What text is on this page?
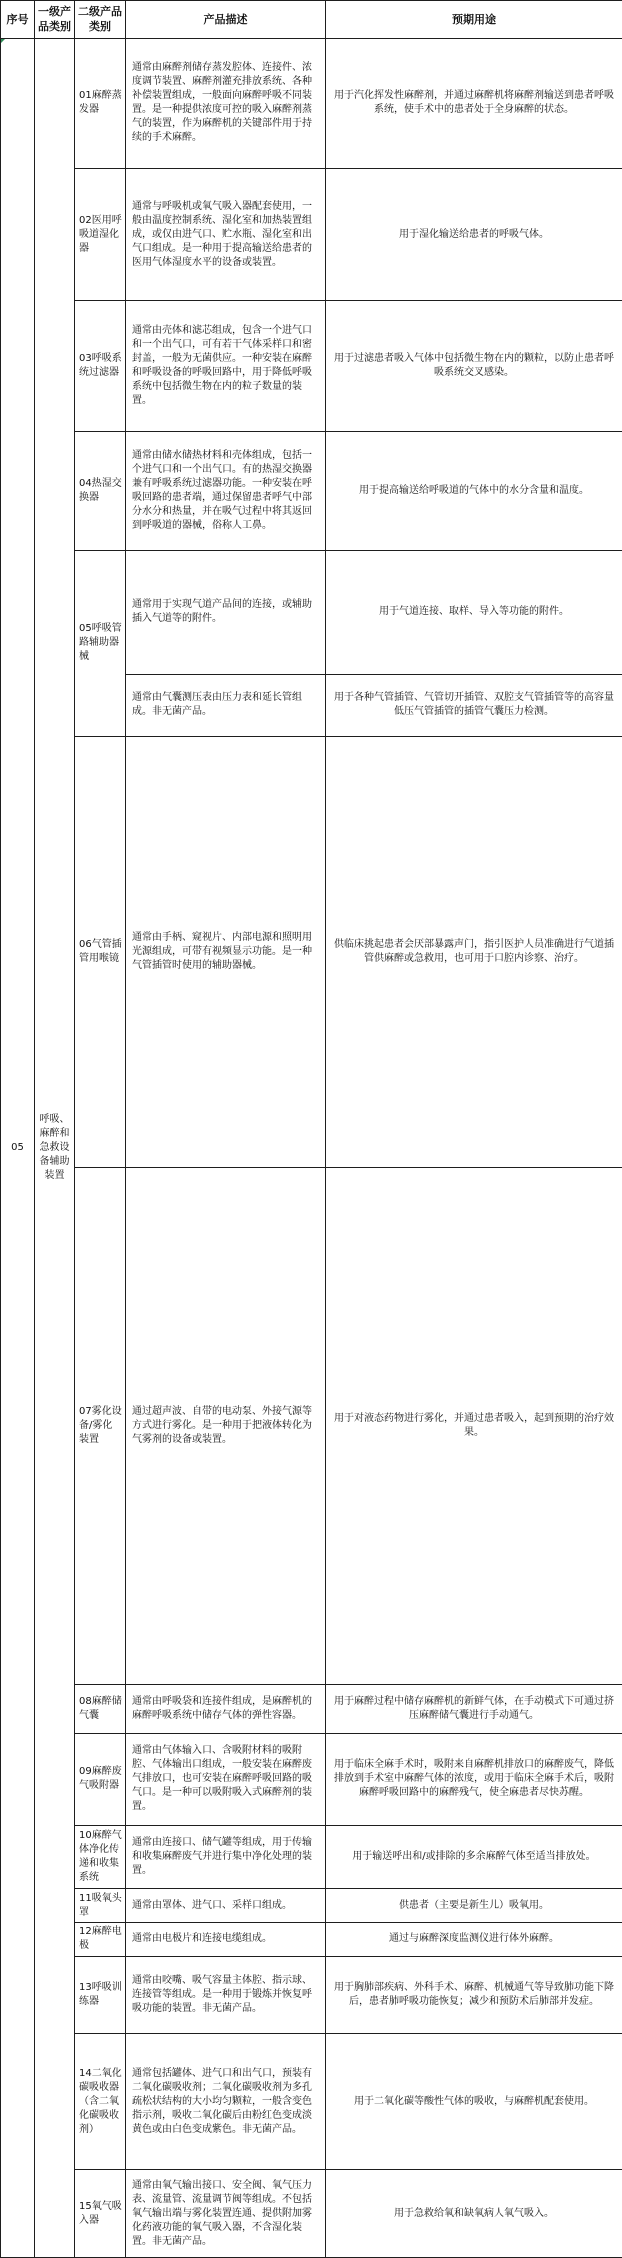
序号	一级产品类别	二级产品类别	产品描述	预期用途
05	呼吸、麻醉和急救设备辅助装置	01麻醉蒸发器	通常由麻醉剂储存蒸发腔体、连接件、浓度调节装置、麻醉剂灌充排放系统、各种补偿装置组成，一般面向麻醉呼吸不同装置。是一种提供浓度可控的吸入麻醉剂蒸气的装置，作为麻醉机的关键部件用于持续的手术麻醉。	用于汽化挥发性麻醉剂，并通过麻醉机将麻醉剂输送到患者呼吸系统，使手术中的患者处于全身麻醉的状态。
		02医用呼吸道湿化器	通常与呼吸机或氧气吸入器配套使用，一般由温度控制系统、湿化室和加热装置组成，或仅由进气口、贮水瓶、湿化室和出气口组成。是一种用于提高输送给患者的医用气体湿度水平的设备或装置。	用于湿化输送给患者的呼吸气体。
		03呼吸系统过滤器	通常由壳体和滤芯组成，包含一个进气口和一个出气口，可有若干气体采样口和密封盖，一般为无菌供应。一种安装在麻醉和呼吸设备的呼吸回路中，用于降低呼吸系统中包括微生物在内的粒子数量的装置。	用于过滤患者吸入气体中包括微生物在内的颗粒，以防止患者呼吸系统交叉感染。
		04热湿交换器	通常由储水储热材料和壳体组成，包括一个进气口和一个出气口。有的热湿交换器兼有呼吸系统过滤器功能。一种安装在呼吸回路的患者端，通过保留患者呼气中部分水分和热量，并在吸气过程中将其返回到呼吸道的器械，俗称人工鼻。	用于提高输送给呼吸道的气体中的水分含量和温度。
		05呼吸管路辅助器械	通常用于实现气道产品间的连接，或辅助插入气道等的附件。	用于气道连接、取样、导入等功能的附件。
			通常由气囊测压表由压力表和延长管组成。非无菌产品。	用于各种气管插管、气管切开插管、双腔支气管插管等的高容量低压气管插管的插管气囊压力检测。
		06气管插管用喉镜	通常由手柄、窥视片、内部电源和照明用光源组成，可带有视频显示功能。是一种气管插管时使用的辅助器械。	供临床挑起患者会厌部暴露声门，指引医护人员准确进行气道插管供麻醉或急救用，也可用于口腔内诊察、治疗。
		07雾化设备/雾化装置	通过超声波、自带的电动泵、外接气源等方式进行雾化。是一种用于把液体转化为气雾剂的设备或装置。	用于对液态药物进行雾化，并通过患者吸入，起到预期的治疗效果。
		08麻醉储气囊	通常由呼吸袋和连接件组成，是麻醉机的麻醉呼吸系统中储存气体的弹性容器。	用于麻醉过程中储存麻醉机的新鲜气体，在手动模式下可通过挤压麻醉储气囊进行手动通气。
		09麻醉废气吸附器	通常由气体输入口、含吸附材料的吸附腔、气体输出口组成，一般安装在麻醉废气排放口，也可安装在麻醉呼吸回路的吸气口。是一种可以吸附吸入式麻醉剂的装置。	用于临床全麻手术时，吸附来自麻醉机排放口的麻醉废气，降低排放到手术室中麻醉气体的浓度，或用于临床全麻手术后，吸附麻醉呼吸回路中的麻醉残气，使全麻患者尽快苏醒。
		10麻醉气体净化传递和收集系统	通常由连接口、储气罐等组成，用于传输和收集麻醉废气并进行集中净化处理的装置。	用于输送呼出和/或排除的多余麻醉气体至适当排放处。
		11吸氧头罩	通常由罩体、进气口、采样口组成。	供患者（主要是新生儿）吸氧用。
		12麻醉电极	通常由电极片和连接电缆组成。	通过与麻醉深度监测仪进行体外麻醉。
		13呼吸训练器	通常由咬嘴、吸气容量主体腔、指示球、连接管等组成。是一种用于锻炼并恢复呼吸功能的装置。非无菌产品。	用于胸肺部疾病、外科手术、麻醉、机械通气等导致肺功能下降后，患者肺呼吸功能恢复；减少和预防术后肺部并发症。
		14二氧化碳吸收器（含二氧化碳吸收剂）	通常包括罐体、进气口和出气口，预装有二氧化碳吸收剂；二氧化碳吸收剂为多孔疏松状结构的大小均匀颗粒，一般含变色指示剂，吸收二氧化碳后由粉红色变成淡黄色或由白色变成紫色。非无菌产品。	用于二氧化碳等酸性气体的吸收，与麻醉机配套使用。
		15氧气吸入器	通常由氧气输出接口、安全阀、氧气压力表、流量管、流量调节阀等组成。不包括氧气输出端与雾化装置连通、提供附加雾化药液功能的氧气吸入器，不含湿化装置。非无菌产品。	用于急救给氧和缺氧病人氧气吸入。
